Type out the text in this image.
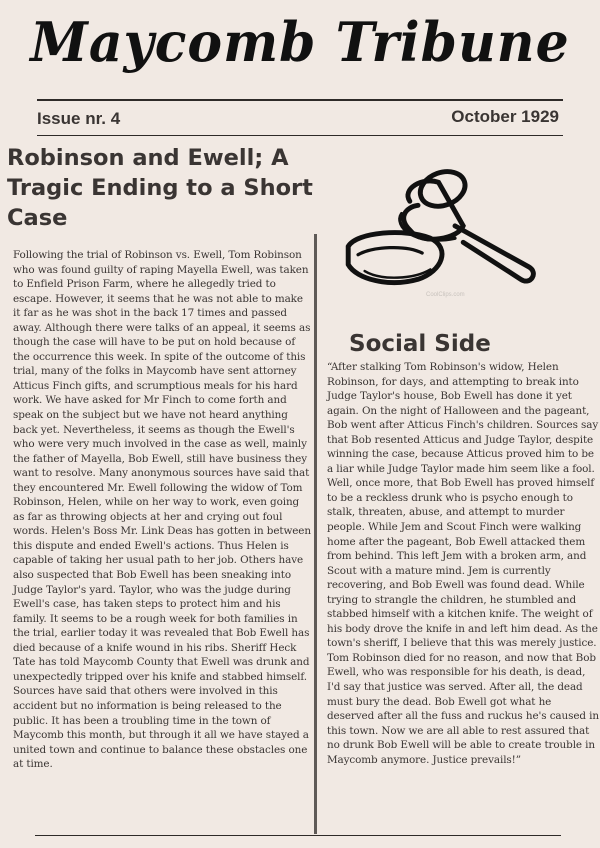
Maycomb Tribune
Issue nr. 4	October 1929
Robinson and Ewell; A Tragic Ending to a Short Case
Following the trial of Robinson vs. Ewell, Tom Robinson who was found guilty of raping Mayella Ewell, was taken to Enfield Prison Farm, where he allegedly tried to escape. However, it seems that he was not able to make it far as he was shot in the back 17 times and passed away. Although there were talks of an appeal, it seems as though the case will have to be put on hold because of the occurrence this week. In spite of the outcome of this trial, many of the folks in Maycomb have sent attorney Atticus Finch gifts, and scrumptious meals for his hard work. We have asked for Mr Finch to come forth and speak on the subject but we have not heard anything back yet. Nevertheless, it seems as though the Ewell's who were very much involved in the case as well, mainly the father of Mayella, Bob Ewell, still have business they want to resolve. Many anonymous sources have said that they encountered Mr. Ewell following the widow of Tom Robinson, Helen, while on her way to work, even going as far as throwing objects at her and crying out foul words. Helen's Boss Mr. Link Deas has gotten in between this dispute and ended Ewell's actions. Thus Helen is capable of taking her usual path to her job. Others have also suspected that Bob Ewell has been sneaking into Judge Taylor's yard. Taylor, who was the judge during Ewell's case, has taken steps to protect him and his family. It seems to be a rough week for both families in the trial, earlier today it was revealed that Bob Ewell has died because of a knife wound in his ribs. Sheriff Heck Tate has told Maycomb County that Ewell was drunk and unexpectedly tripped over his knife and stabbed himself. Sources have said that others were involved in this accident but no information is being released to the public. It has been a troubling time in the town of Maycomb this month, but through it all we have stayed a united town and continue to balance these obstacles one at time.
CoolClips.com
Social Side
“After stalking Tom Robinson's widow, Helen Robinson, for days, and attempting to break into Judge Taylor's house, Bob Ewell has done it yet again. On the night of Halloween and the pageant, Bob went after Atticus Finch's children. Sources say that Bob resented Atticus and Judge Taylor, despite winning the case, because Atticus proved him to be a liar while Judge Taylor made him seem like a fool. Well, once more, that Bob Ewell has proved himself to be a reckless drunk who is psycho enough to stalk, threaten, abuse, and attempt to murder people. While Jem and Scout Finch were walking home after the pageant, Bob Ewell attacked them from behind. This left Jem with a broken arm, and Scout with a mature mind. Jem is currently recovering, and Bob Ewell was found dead. While trying to strangle the children, he stumbled and stabbed himself with a kitchen knife. The weight of his body drove the knife in and left him dead. As the town's sheriff, I believe that this was merely justice. Tom Robinson died for no reason, and now that Bob Ewell, who was responsible for his death, is dead, I'd say that justice was served. After all, the dead must bury the dead. Bob Ewell got what he deserved after all the fuss and ruckus he's caused in this town. Now we are all able to rest assured that no drunk Bob Ewell will be able to create trouble in Maycomb anymore. Justice prevails!”
